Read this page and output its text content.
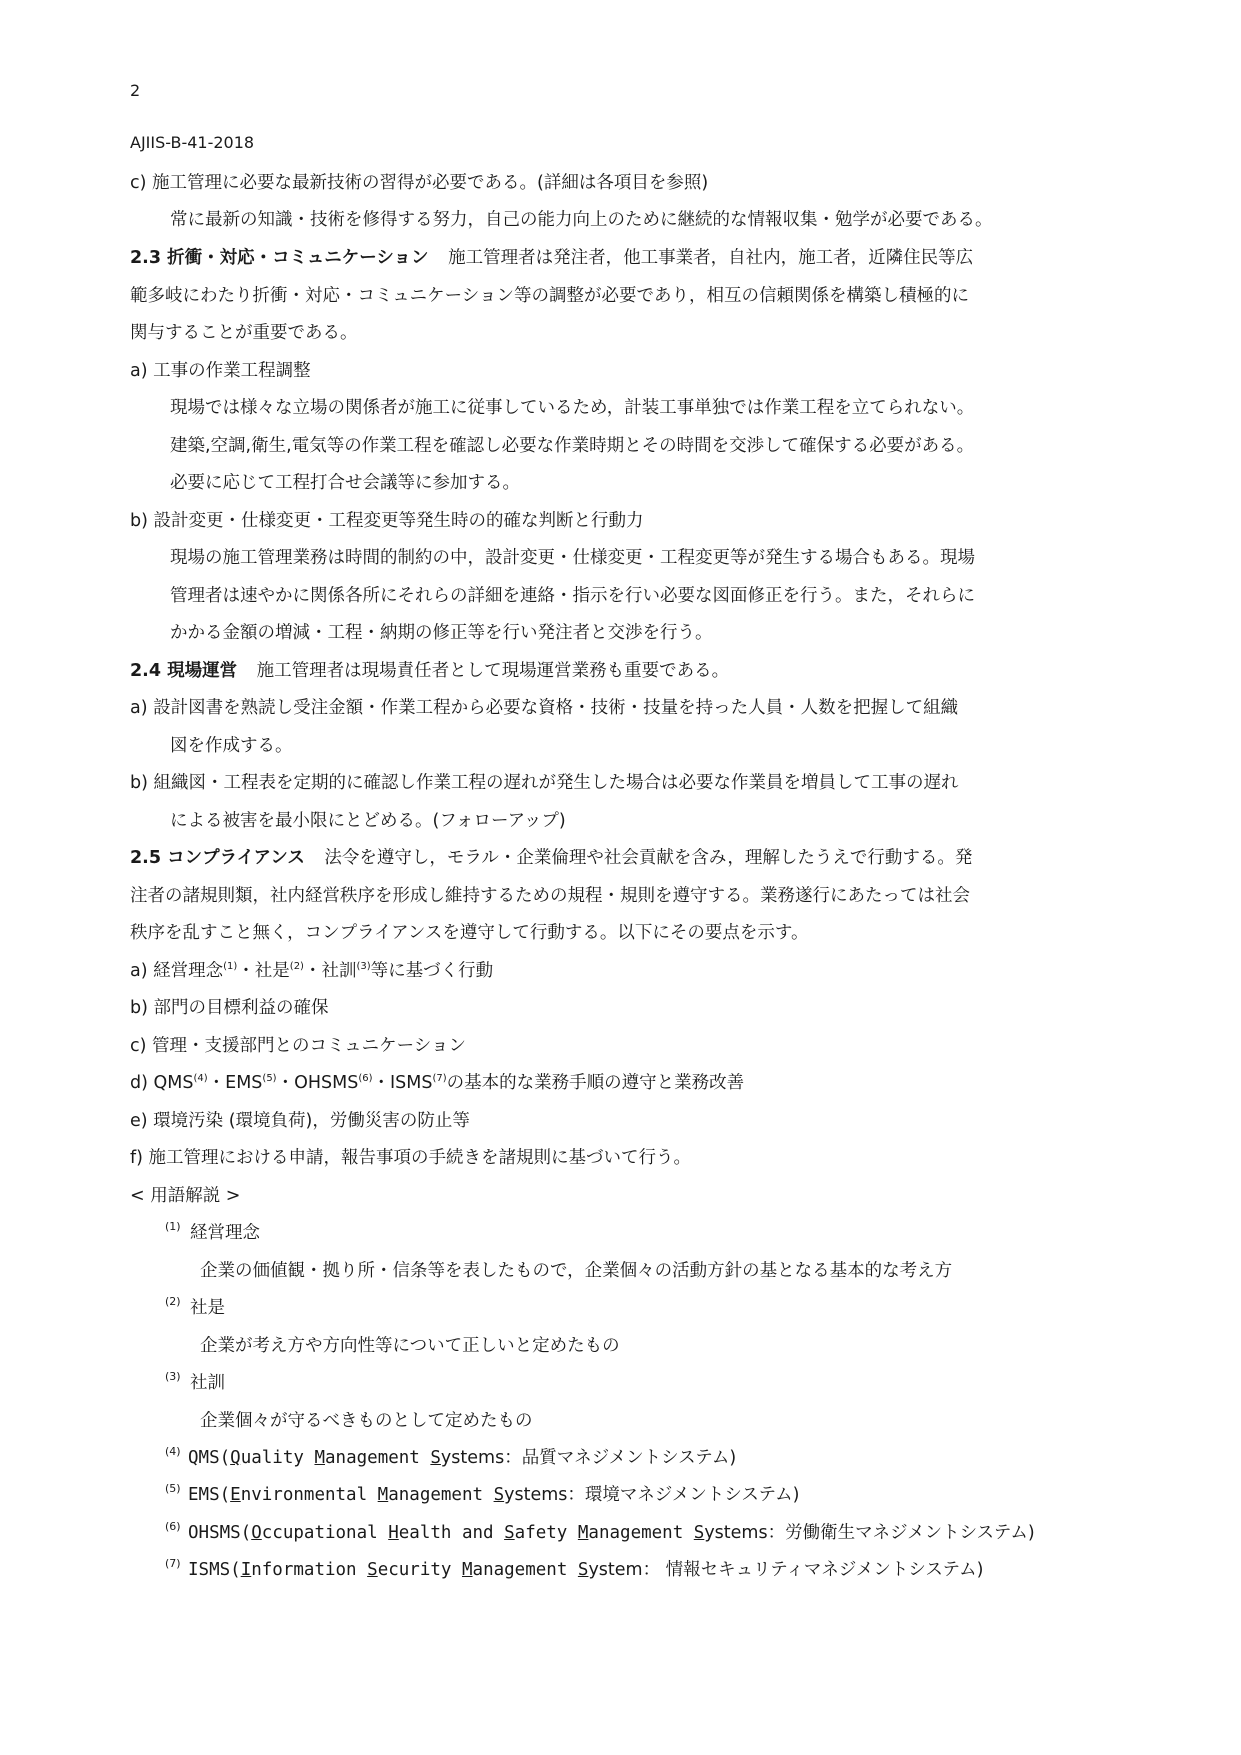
2
AJIIS-B-41-2018
c) 施工管理に必要な最新技術の習得が必要である。(詳細は各項目を参照)
常に最新の知識・技術を修得する努力，自己の能力向上のために継続的な情報収集・勉学が必要である。
2.3 折衝・対応・コミュニケーション 施工管理者は発注者，他工事業者，自社内，施工者，近隣住民等広
範多岐にわたり折衝・対応・コミュニケーション等の調整が必要であり，相互の信頼関係を構築し積極的に
関与することが重要である。
a) 工事の作業工程調整
現場では様々な立場の関係者が施工に従事しているため，計装工事単独では作業工程を立てられない。
建築,空調,衛生,電気等の作業工程を確認し必要な作業時期とその時間を交渉して確保する必要がある。
必要に応じて工程打合せ会議等に参加する。
b) 設計変更・仕様変更・工程変更等発生時の的確な判断と行動力
現場の施工管理業務は時間的制約の中，設計変更・仕様変更・工程変更等が発生する場合もある。現場
管理者は速やかに関係各所にそれらの詳細を連絡・指示を行い必要な図面修正を行う。また，それらに
かかる金額の増減・工程・納期の修正等を行い発注者と交渉を行う。
2.4 現場運営 施工管理者は現場責任者として現場運営業務も重要である。
a) 設計図書を熟読し受注金額・作業工程から必要な資格・技術・技量を持った人員・人数を把握して組織
図を作成する。
b) 組織図・工程表を定期的に確認し作業工程の遅れが発生した場合は必要な作業員を増員して工事の遅れ
による被害を最小限にとどめる。(フォローアップ)
2.5 コンプライアンス 法令を遵守し，モラル・企業倫理や社会貢献を含み，理解したうえで行動する。発
注者の諸規則類，社内経営秩序を形成し維持するための規程・規則を遵守する。業務遂行にあたっては社会
秩序を乱すこと無く，コンプライアンスを遵守して行動する。以下にその要点を示す。
a) 経営理念$^{(1)}$・社是$^{(2)}$・社訓$^{(3)}$等に基づく行動
b) 部門の目標利益の確保
c) 管理・支援部門とのコミュニケーション
d) QMS$^{(4)}$・EMS$^{(5)}$・OHSMS$^{(6)}$・ISMS$^{(7)}$の基本的な業務手順の遵守と業務改善
e) 環境汚染 (環境負荷)，労働災害の防止等
f) 施工管理における申請，報告事項の手続きを諸規則に基づいて行う。
< 用語解説 >
(1) 経営理念
企業の価値観・拠り所・信条等を表したもので，企業個々の活動方針の基となる基本的な考え方
(2) 社是
企業が考え方や方向性等について正しいと定めたもの
(3) 社訓
企業個々が守るべきものとして定めたもの
(4) QMS(Quality Management Systems：品質マネジメントシステム)
(5) EMS(Environmental Management Systems：環境マネジメントシステム)
(6) OHSMS(Occupational Health and Safety Management Systems：労働衛生マネジメントシステム)
(7) ISMS(Information Security Management System： 情報セキュリティマネジメントシステム)
